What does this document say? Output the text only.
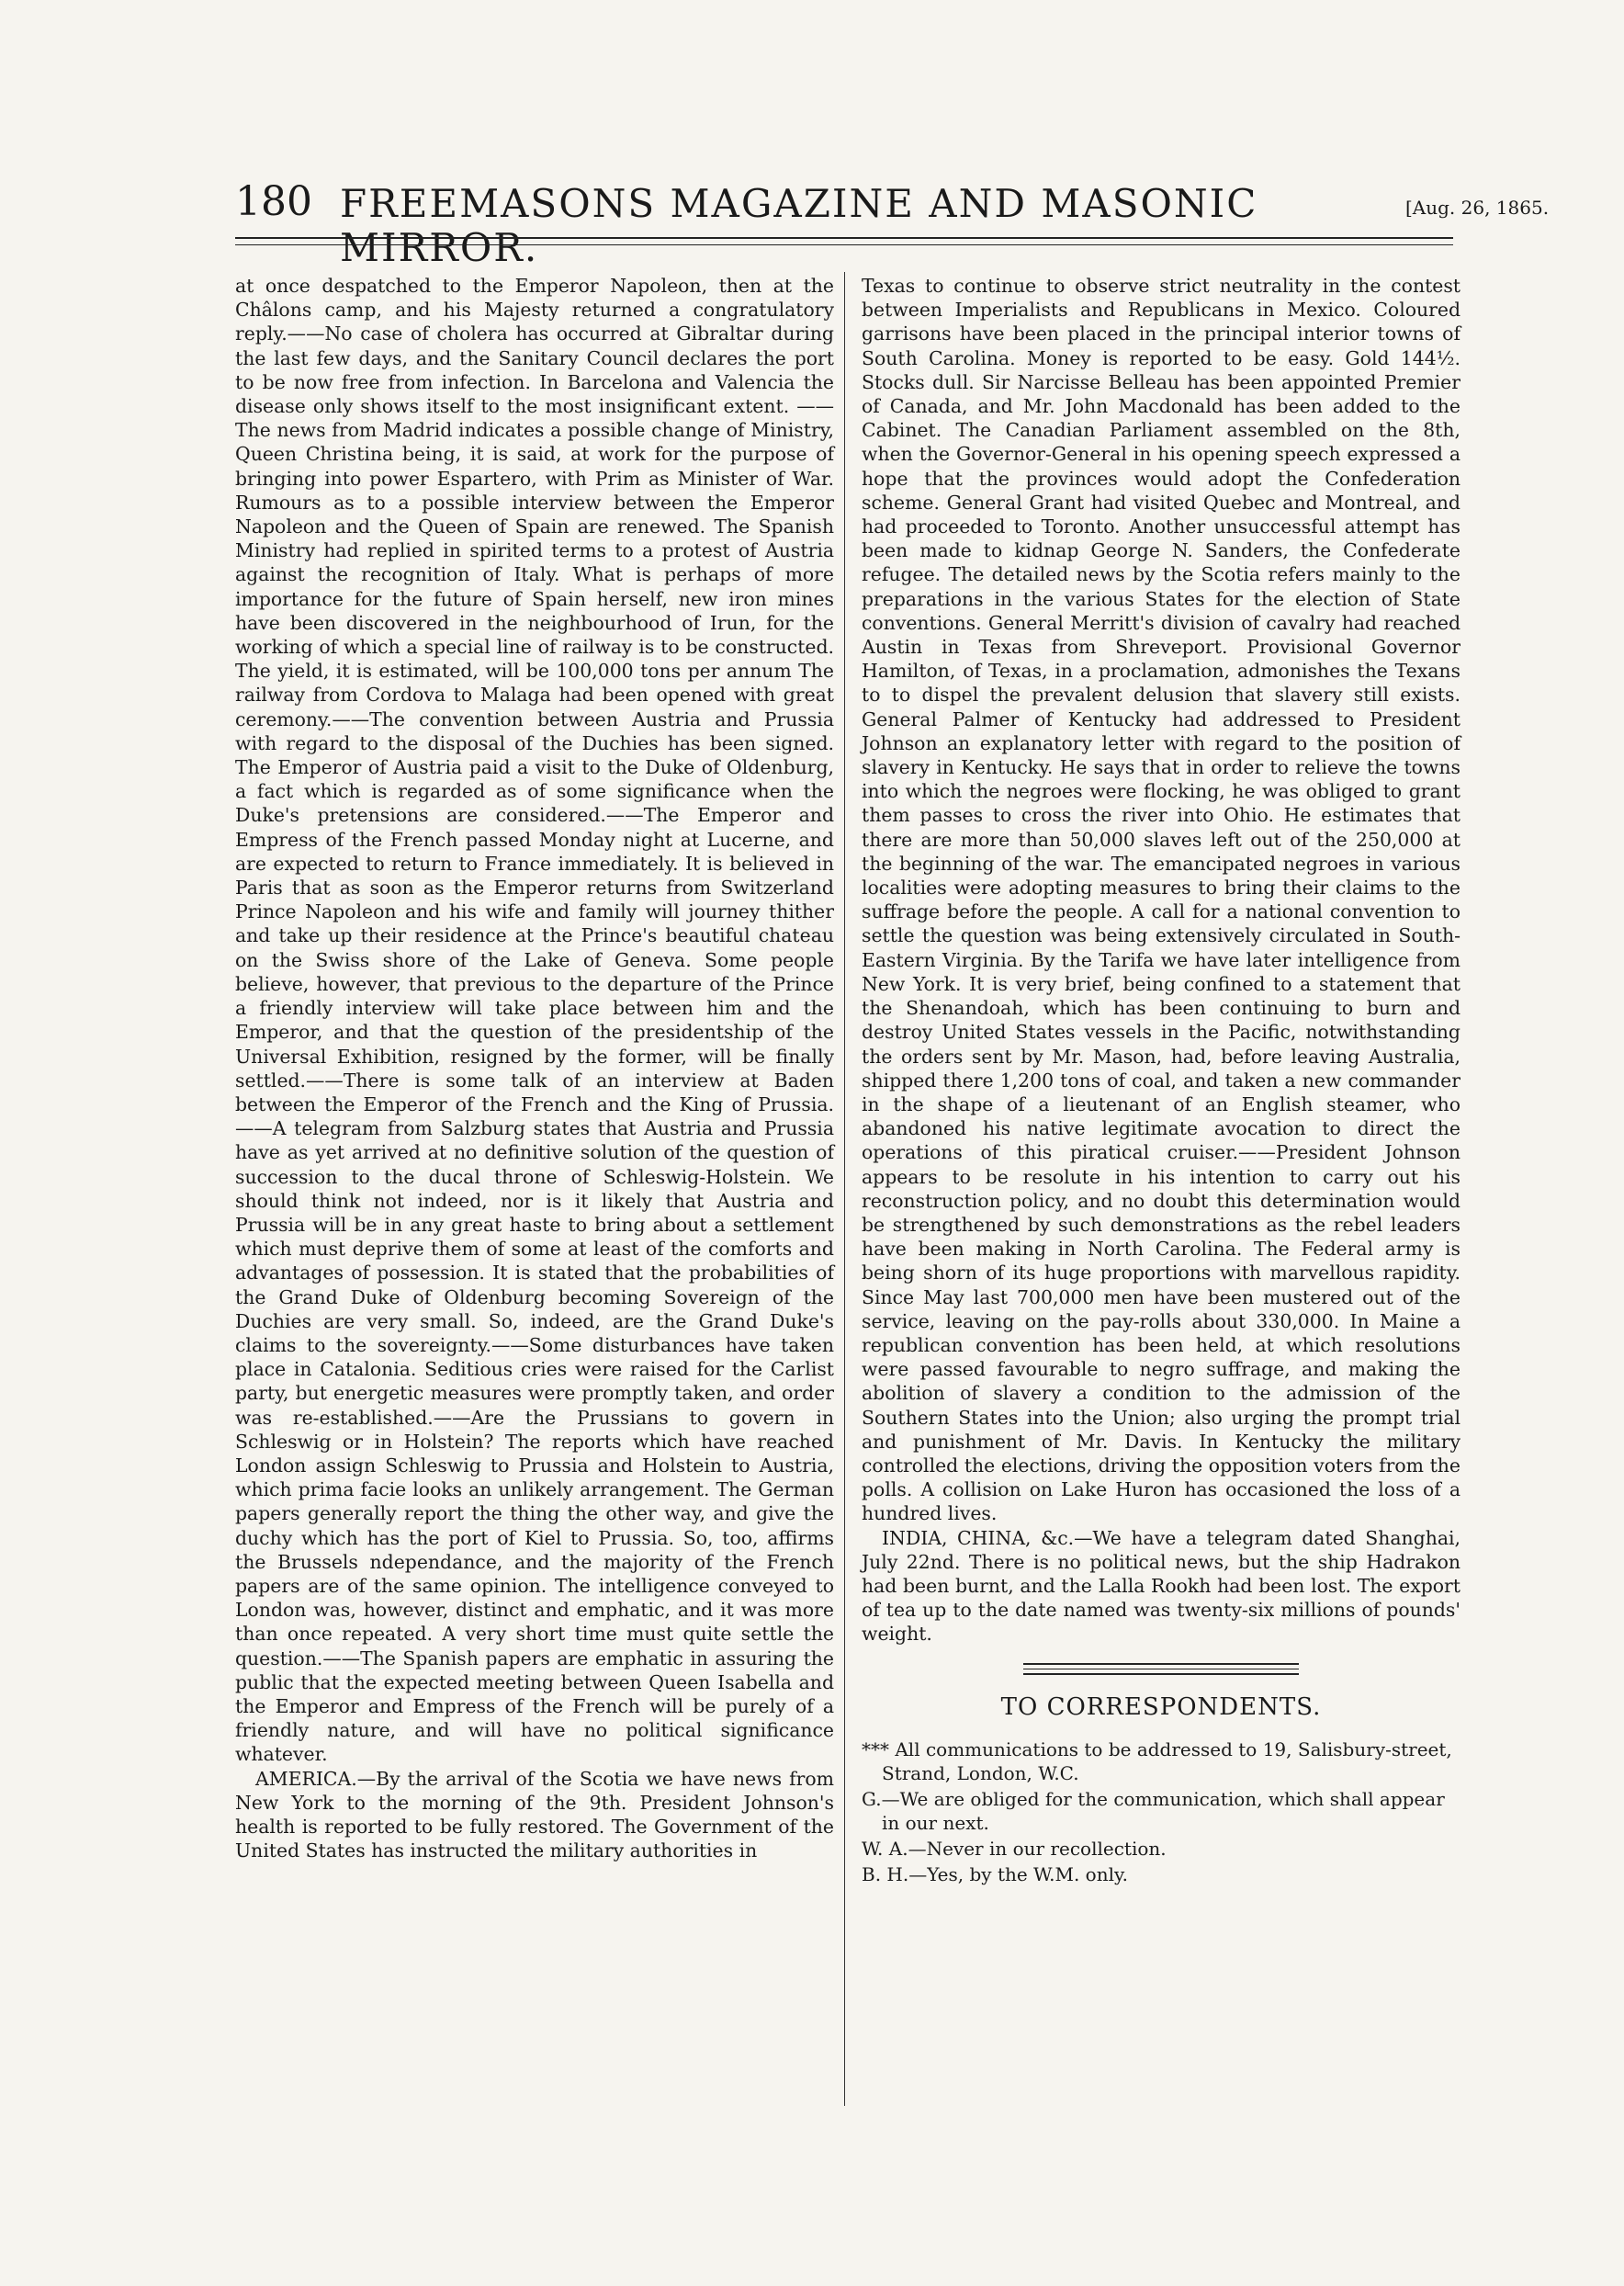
180 FREEMASONS MAGAZINE AND MASONIC MIRROR.
[Aug. 26, 1865.

at once despatched to the Emperor Napoleon, then at the Châlons camp, and his Majesty returned a congratulatory reply.——No case of cholera has occurred at Gibraltar during the last few days, and the Sanitary Council declares the port to be now free from infection. In Barcelona and Valencia the disease only shows itself to the most insignificant extent. ——The news from Madrid indicates a possible change of Ministry, Queen Christina being, it is said, at work for the purpose of bringing into power Espartero, with Prim as Minister of War. Rumours as to a possible interview between the Emperor Napoleon and the Queen of Spain are renewed. The Spanish Ministry had replied in spirited terms to a protest of Austria against the recognition of Italy. What is perhaps of more importance for the future of Spain herself, new iron mines have been discovered in the neighbourhood of Irun, for the working of which a special line of railway is to be constructed. The yield, it is estimated, will be 100,000 tons per annum The railway from Cordova to Malaga had been opened with great ceremony.——The convention between Austria and Prussia with regard to the disposal of the Duchies has been signed. The Emperor of Austria paid a visit to the Duke of Oldenburg, a fact which is regarded as of some significance when the Duke's pretensions are considered.——The Emperor and Empress of the French passed Monday night at Lucerne, and are expected to return to France immediately. It is believed in Paris that as soon as the Emperor returns from Switzerland Prince Napoleon and his wife and family will journey thither and take up their residence at the Prince's beautiful chateau on the Swiss shore of the Lake of Geneva. Some people believe, however, that previous to the departure of the Prince a friendly interview will take place between him and the Emperor, and that the question of the presidentship of the Universal Exhibition, resigned by the former, will be finally settled.——There is some talk of an interview at Baden between the Emperor of the French and the King of Prussia. ——A telegram from Salzburg states that Austria and Prussia have as yet arrived at no definitive solution of the question of succession to the ducal throne of Schleswig-Holstein. We should think not indeed, nor is it likely that Austria and Prussia will be in any great haste to bring about a settlement which must deprive them of some at least of the comforts and advantages of possession. It is stated that the probabilities of the Grand Duke of Oldenburg becoming Sovereign of the Duchies are very small. So, indeed, are the Grand Duke's claims to the sovereignty.——Some disturbances have taken place in Catalonia. Seditious cries were raised for the Carlist party, but energetic measures were promptly taken, and order was re-established.——Are the Prussians to govern in Schleswig or in Holstein? The reports which have reached London assign Schleswig to Prussia and Holstein to Austria, which prima facie looks an unlikely arrangement. The German papers generally report the thing the other way, and give the duchy which has the port of Kiel to Prussia. So, too, affirms the Brussels ndependance, and the majority of the French papers are of the same opinion. The intelligence conveyed to London was, however, distinct and emphatic, and it was more than once repeated. A very short time must quite settle the question.——The Spanish papers are emphatic in assuring the public that the expected meeting between Queen Isabella and the Emperor and Empress of the French will be purely of a friendly nature, and will have no political significance whatever.

AMERICA.—By the arrival of the Scotia we have news from New York to the morning of the 9th. President Johnson's health is reported to be fully restored. The Government of the United States has instructed the military authorities in

Texas to continue to observe strict neutrality in the contest between Imperialists and Republicans in Mexico. Coloured garrisons have been placed in the principal interior towns of South Carolina. Money is reported to be easy. Gold 144½. Stocks dull. Sir Narcisse Belleau has been appointed Premier of Canada, and Mr. John Macdonald has been added to the Cabinet. The Canadian Parliament assembled on the 8th, when the Governor-General in his opening speech expressed a hope that the provinces would adopt the Confederation scheme. General Grant had visited Quebec and Montreal, and had proceeded to Toronto. Another unsuccessful attempt has been made to kidnap George N. Sanders, the Confederate refugee. The detailed news by the Scotia refers mainly to the preparations in the various States for the election of State conventions. General Merritt's division of cavalry had reached Austin in Texas from Shreveport. Provisional Governor Hamilton, of Texas, in a proclamation, admonishes the Texans to to dispel the prevalent delusion that slavery still exists. General Palmer of Kentucky had addressed to President Johnson an explanatory letter with regard to the position of slavery in Kentucky. He says that in order to relieve the towns into which the negroes were flocking, he was obliged to grant them passes to cross the river into Ohio. He estimates that there are more than 50,000 slaves left out of the 250,000 at the beginning of the war. The emancipated negroes in various localities were adopting measures to bring their claims to the suffrage before the people. A call for a national convention to settle the question was being extensively circulated in South-Eastern Virginia. By the Tarifa we have later intelligence from New York. It is very brief, being confined to a statement that the Shenandoah, which has been continuing to burn and destroy United States vessels in the Pacific, notwithstanding the orders sent by Mr. Mason, had, before leaving Australia, shipped there 1,200 tons of coal, and taken a new commander in the shape of a lieutenant of an English steamer, who abandoned his native legitimate avocation to direct the operations of this piratical cruiser.——President Johnson appears to be resolute in his intention to carry out his reconstruction policy, and no doubt this determination would be strengthened by such demonstrations as the rebel leaders have been making in North Carolina. The Federal army is being shorn of its huge proportions with marvellous rapidity. Since May last 700,000 men have been mustered out of the service, leaving on the pay-rolls about 330,000. In Maine a republican convention has been held, at which resolutions were passed favourable to negro suffrage, and making the abolition of slavery a condition to the admission of the Southern States into the Union; also urging the prompt trial and punishment of Mr. Davis. In Kentucky the military controlled the elections, driving the opposition voters from the polls. A collision on Lake Huron has occasioned the loss of a hundred lives.

INDIA, CHINA, &c.—We have a telegram dated Shanghai, July 22nd. There is no political news, but the ship Hadrakon had been burnt, and the Lalla Rookh had been lost. The export of tea up to the date named was twenty-six millions of pounds' weight.

TO CORRESPONDENTS.

*** All communications to be addressed to 19, Salisbury-street, Strand, London, W.C.

G.—We are obliged for the communication, which shall appear in our next.

W. A.—Never in our recollection.

B. H.—Yes, by the W.M. only.
